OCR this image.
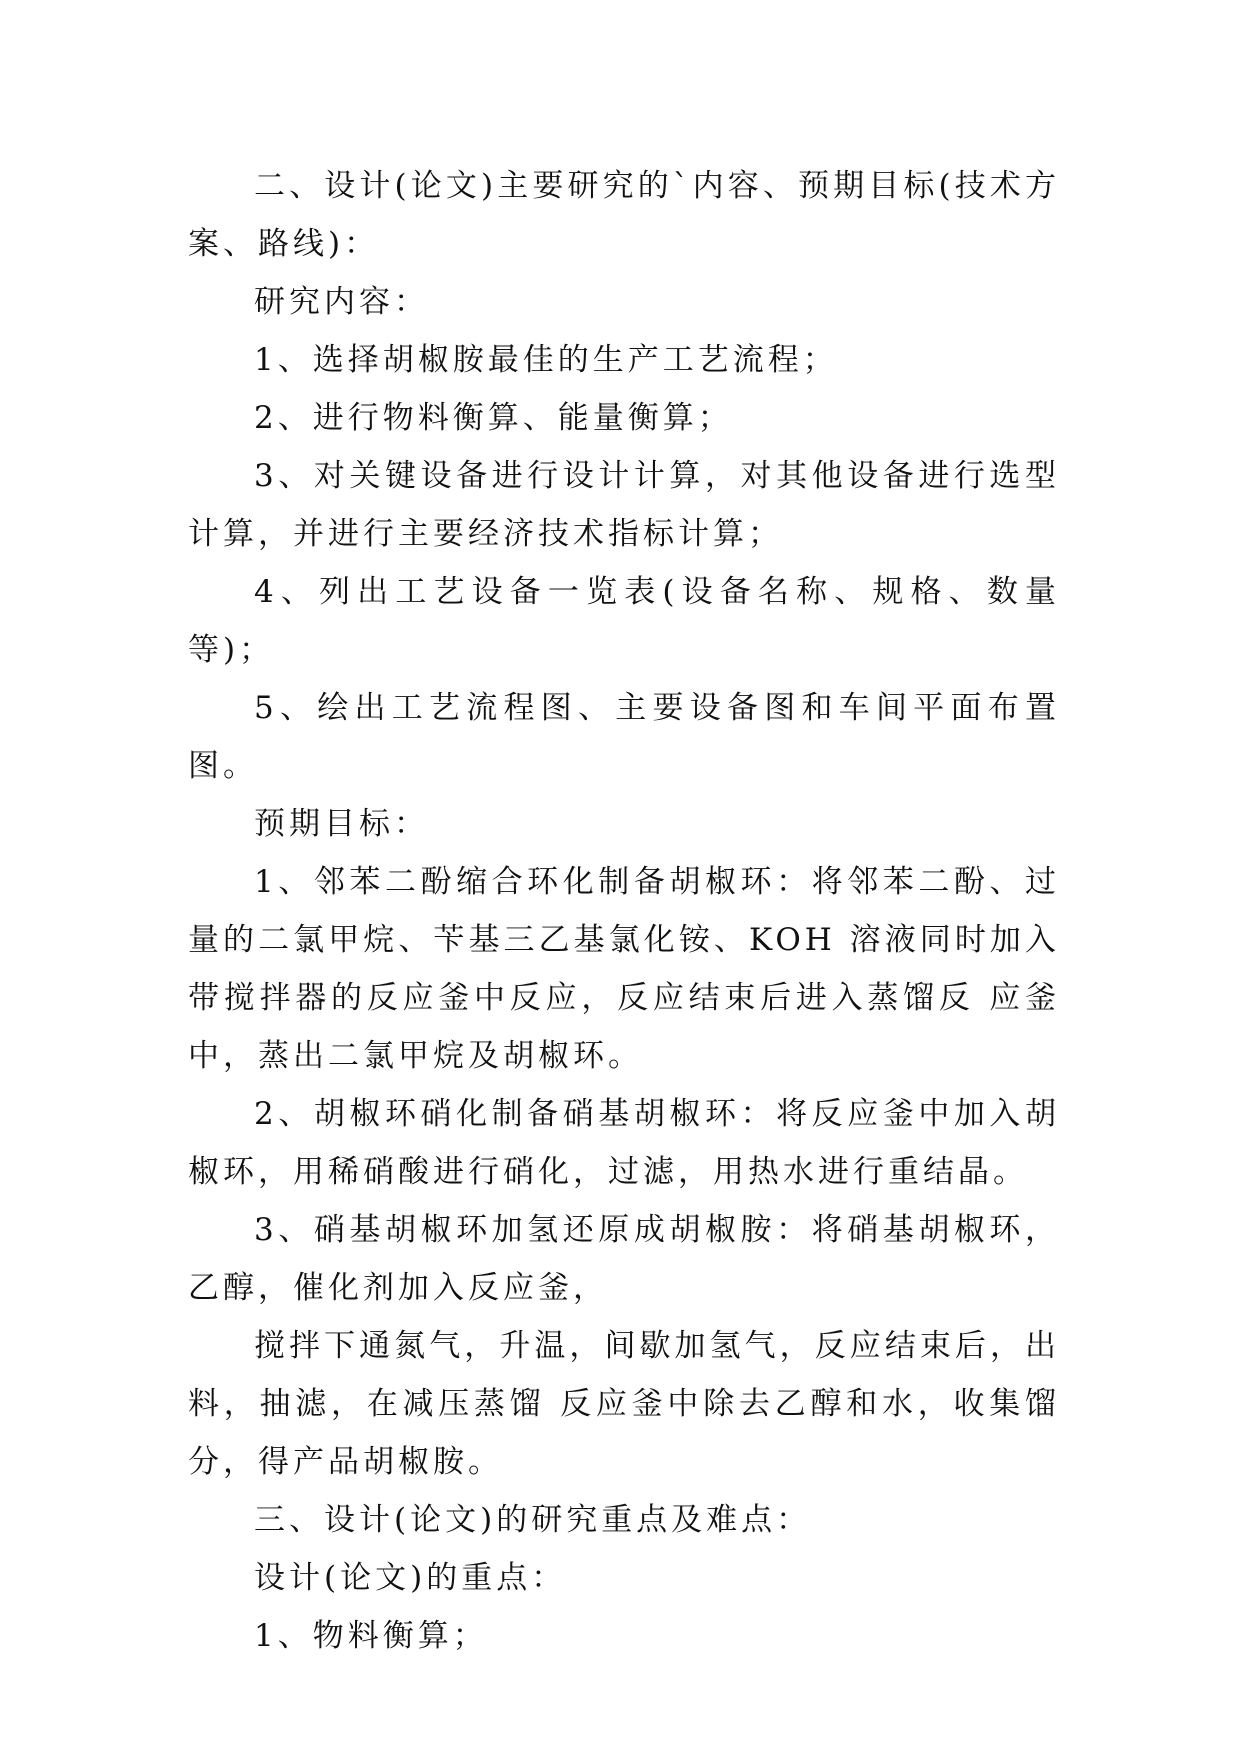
二、设计(论文)主要研究的`内容、预期目标(技术方案、路线)：

研究内容：

1、选择胡椒胺最佳的生产工艺流程；

2、进行物料衡算、能量衡算；

3、对关键设备进行设计计算，对其他设备进行选型计算，并进行主要经济技术指标计算；

4、列出工艺设备一览表(设备名称、规格、数量等)；

5、绘出工艺流程图、主要设备图和车间平面布置图。

预期目标：

1、邻苯二酚缩合环化制备胡椒环：将邻苯二酚、过量的二氯甲烷、苄基三乙基氯化铵、KOH 溶液同时加入带搅拌器的反应釜中反应，反应结束后进入蒸馏反 应釜中，蒸出二氯甲烷及胡椒环。

2、胡椒环硝化制备硝基胡椒环：将反应釜中加入胡椒环，用稀硝酸进行硝化，过滤，用热水进行重结晶。

3、硝基胡椒环加氢还原成胡椒胺：将硝基胡椒环，乙醇，催化剂加入反应釜，

搅拌下通氮气，升温，间歇加氢气，反应结束后，出料，抽滤，在减压蒸馏 反应釜中除去乙醇和水，收集馏分，得产品胡椒胺。

三、设计(论文)的研究重点及难点：

设计(论文)的重点：

1、物料衡算；
